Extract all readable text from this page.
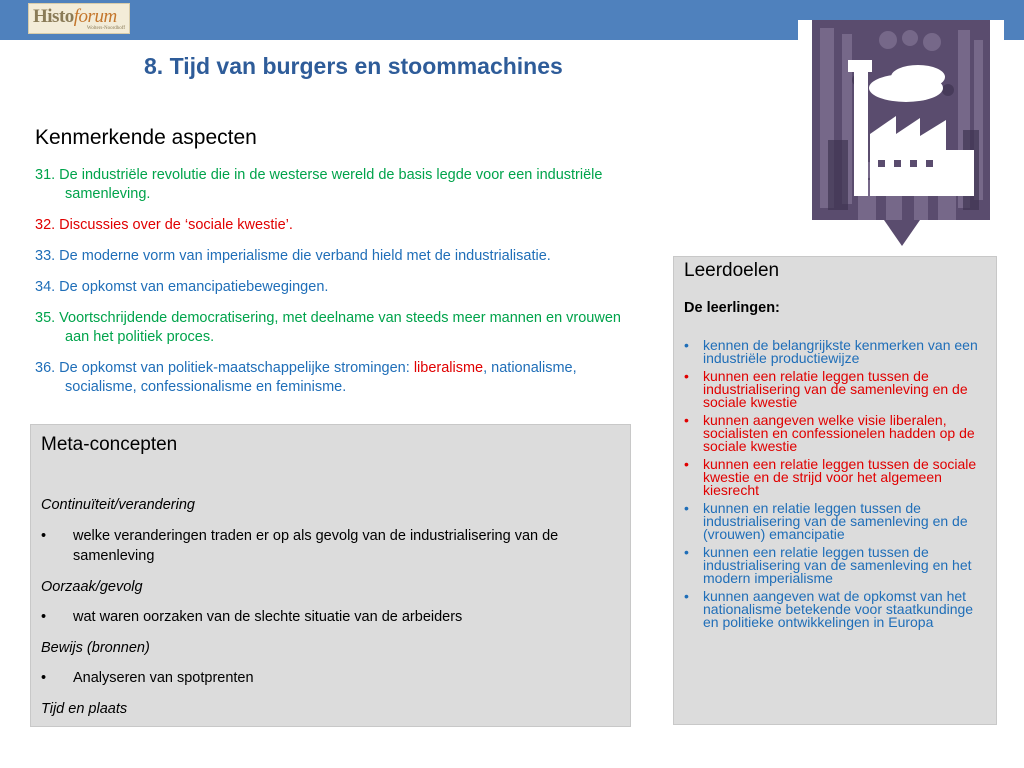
Histoforum
Wolters-Noordhoff
8. Tijd van burgers en stoommachines
Kenmerkende aspecten
31. De industriële revolutie die in de westerse wereld de basis legde voor een industriële samenleving.
32. Discussies over de ‘sociale kwestie’.
33. De moderne vorm van imperialisme die verband hield met de industrialisatie.
34. De opkomst van emancipatiebewegingen.
35. Voortschrijdende democratisering, met deelname van steeds meer mannen en vrouwen aan het politiek proces.
36. De opkomst van politiek-maatschappelijke stromingen: liberalisme, nationalisme, socialisme, confessionalisme en feminisme.
Meta-concepten
Continuïteit/verandering
• welke veranderingen traden er op als gevolg van de industrialisering van de samenleving
Oorzaak/gevolg
• wat waren oorzaken van de slechte situatie van de arbeiders
Bewijs (bronnen)
• Analyseren van spotprenten
Tijd en plaats
Leerdoelen
De leerlingen:
• kennen de belangrijkste kenmerken van een industriële productiewijze
• kunnen een relatie leggen tussen de industrialisering van de samenleving en de sociale kwestie
• kunnen aangeven welke visie liberalen, socialisten en confessionelen hadden op de sociale kwestie
• kunnen een relatie leggen tussen de sociale kwestie en de strijd voor het algemeen kiesrecht
• kunnen en relatie leggen tussen de industrialisering van de samenleving en de (vrouwen) emancipatie
• kunnen een relatie leggen tussen de industrialisering van de samenleving en het modern imperialisme
• kunnen aangeven wat de opkomst van het nationalisme betekende voor staatkundinge en politieke ontwikkelingen in Europa
